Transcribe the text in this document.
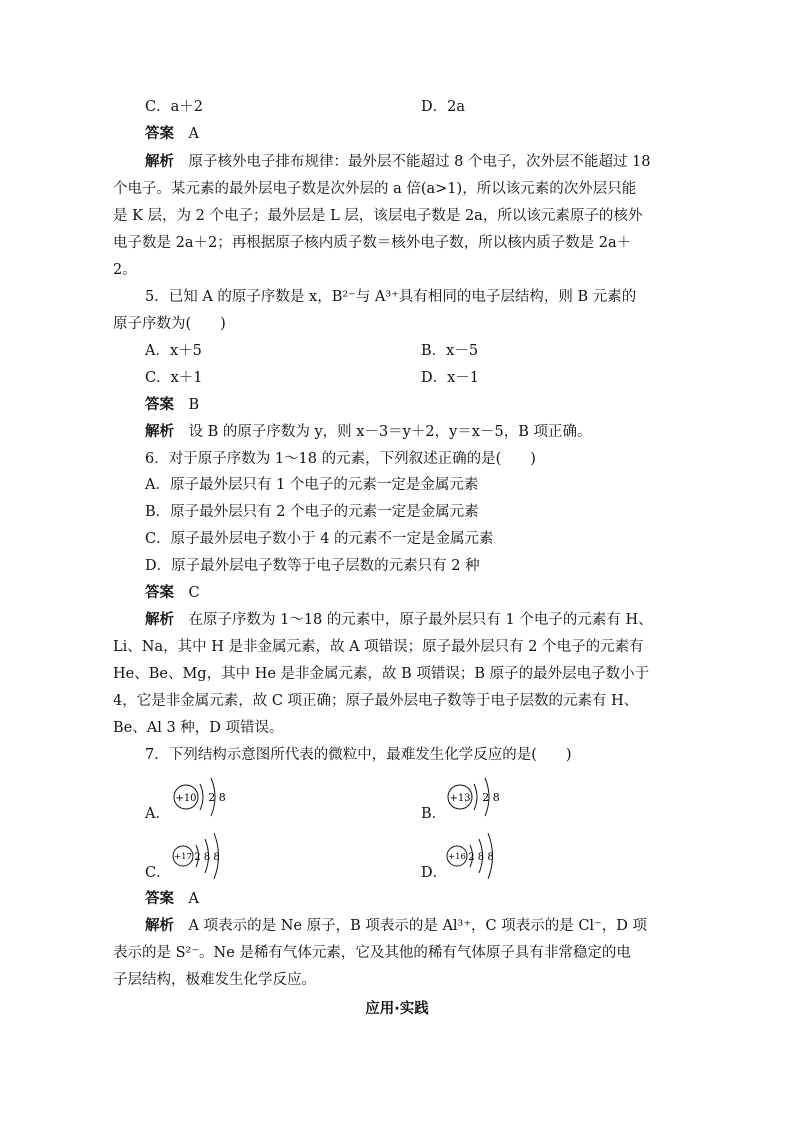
C．a＋2	D．2a
答案　 A
解析　 原子核外电子排布规律：最外层不能超过 8 个电子，次外层不能超过 18
个电子。某元素的最外层电子数是次外层的 a 倍(a>1)，所以该元素的次外层只能
是 K 层，为 2 个电子；最外层是 L 层，该层电子数是 2a，所以该元素原子的核外
电子数是 2a＋2；再根据原子核内质子数＝核外电子数，所以核内质子数是 2a＋
2。
5．已知 A 的原子序数是 x，B²⁻与 A³⁺具有相同的电子层结构，则 B 元素的
原子序数为(　　)
A．x＋5	B．x－5
C．x＋1	D．x－1
答案　 B
解析　 设 B 的原子序数为 y，则 x－3＝y＋2，y＝x－5，B 项正确。
6．对于原子序数为 1～18 的元素，下列叙述正确的是(　　)
A．原子最外层只有 1 个电子的元素一定是金属元素
B．原子最外层只有 2 个电子的元素一定是金属元素
C．原子最外层电子数小于 4 的元素不一定是金属元素
D．原子最外层电子数等于电子层数的元素只有 2 种
答案　 C
解析　 在原子序数为 1～18 的元素中，原子最外层只有 1 个电子的元素有 H、
Li、Na，其中 H 是非金属元素，故 A 项错误；原子最外层只有 2 个电子的元素有
He、Be、Mg，其中 He 是非金属元素，故 B 项错误；B 原子的最外层电子数小于
4，它是非金属元素，故 C 项正确；原子最外层电子数等于电子层数的元素有 H、
Be、Al 3 种，D 项错误。
7．下列结构示意图所代表的微粒中，最难发生化学反应的是(　　)
A．
+10 2 8
B．
+13 2 8
C．
+17 2 8 8
D．
+16 2 8 8
答案　 A
解析　 A 项表示的是 Ne 原子，B 项表示的是 Al³⁺，C 项表示的是 Cl⁻，D 项
表示的是 S²⁻。Ne 是稀有气体元素，它及其他的稀有气体原子具有非常稳定的电
子层结构，极难发生化学反应。
应用·实践
